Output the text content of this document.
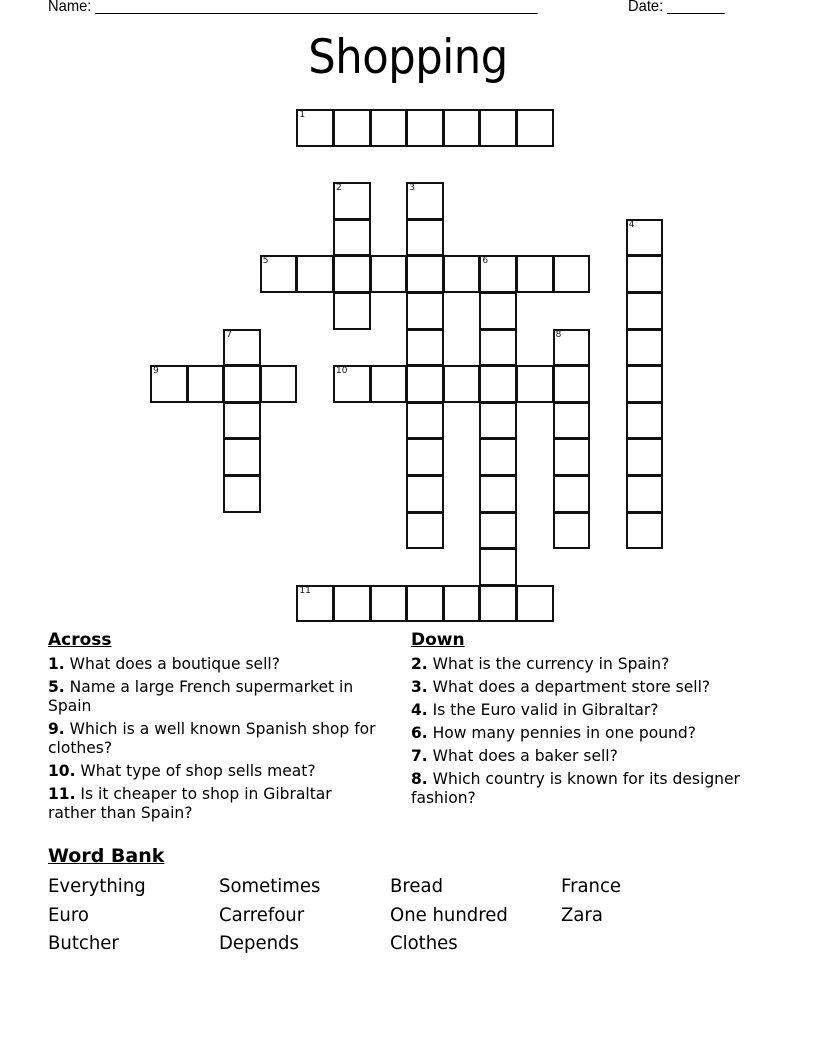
Name: ______________________________________________________	Date: _______
Shopping
1
2	3
4
5	6
7	8
9	10
11
Across
1. What does a boutique sell?
5. Name a large French supermarket in Spain
9. Which is a well known Spanish shop for clothes?
10. What type of shop sells meat?
11. Is it cheaper to shop in Gibraltar rather than Spain?
Down
2. What is the currency in Spain?
3. What does a department store sell?
4. Is the Euro valid in Gibraltar?
6. How many pennies in one pound?
7. What does a baker sell?
8. Which country is known for its designer fashion?
Word Bank
Everything	Sometimes	Bread	France
Euro	Carrefour	One hundred	Zara
Butcher	Depends	Clothes
